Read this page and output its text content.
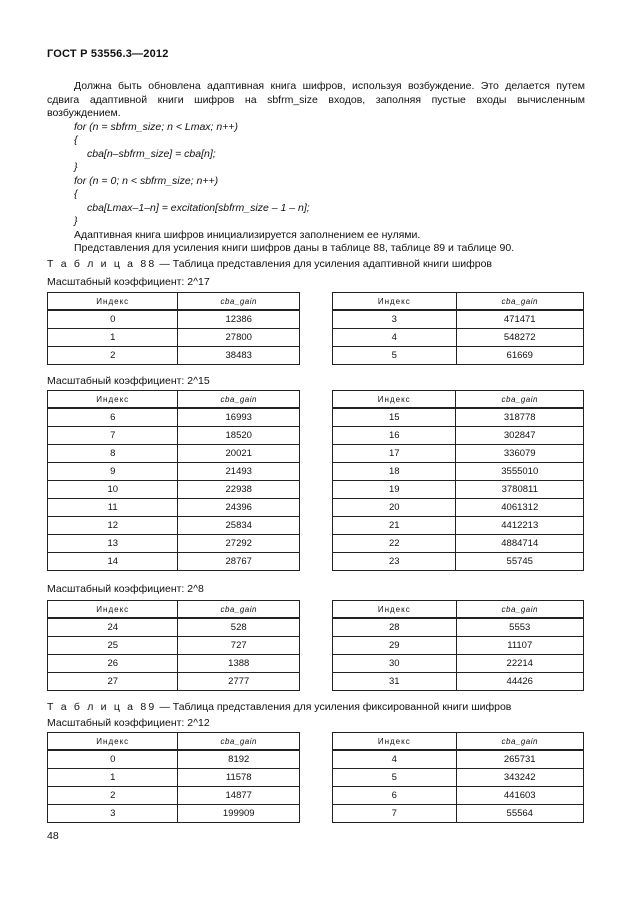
ГОСТ Р 53556.3—2012

Должна быть обновлена адаптивная книга шифров, используя возбуждение. Это делается путем сдвига адаптивной книги шифров на sbfrm_size входов, заполняя пустые входы вычисленным возбуждением.

for (n = sbfrm_size; n < Lmax; n++)
{
cba[n–sbfrm_size] = cba[n];
}
for (n = 0; n < sbfrm_size; n++)
{
cba[Lmax–1–n] = excitation[sbfrm_size – 1 – n];
}

Адаптивная книга шифров инициализируется заполнением ее нулями.

Представления для усиления книги шифров даны в таблице 88, таблице 89 и таблице 90.

Т а б л и ц а 88 — Таблица представления для усиления адаптивной книги шифров
Масштабный коэффициент: 2^17
Индекс	cba_gain
0	12386
1	27800
2	38483
Индекс	cba_gain
3	471471
4	548272
5	61669
Масштабный коэффициент: 2^15
Индекс	cba_gain
6	16993
7	18520
8	20021
9	21493
10	22938
11	24396
12	25834
13	27292
14	28767
Индекс	cba_gain
15	318778
16	302847
17	336079
18	3555010
19	3780811
20	4061312
21	4412213
22	4884714
23	55745
Масштабный коэффициент: 2^8
Индекс	cba_gain
24	528
25	727
26	1388
27	2777
Индекс	cba_gain
28	5553
29	11107
30	22214
31	44426
Т а б л и ц а 89 — Таблица представления для усиления фиксированной книги шифров
Масштабный коэффициент: 2^12
Индекс	cba_gain
0	8192
1	11578
2	14877
3	199909
Индекс	cba_gain
4	265731
5	343242
6	441603
7	55564
48
